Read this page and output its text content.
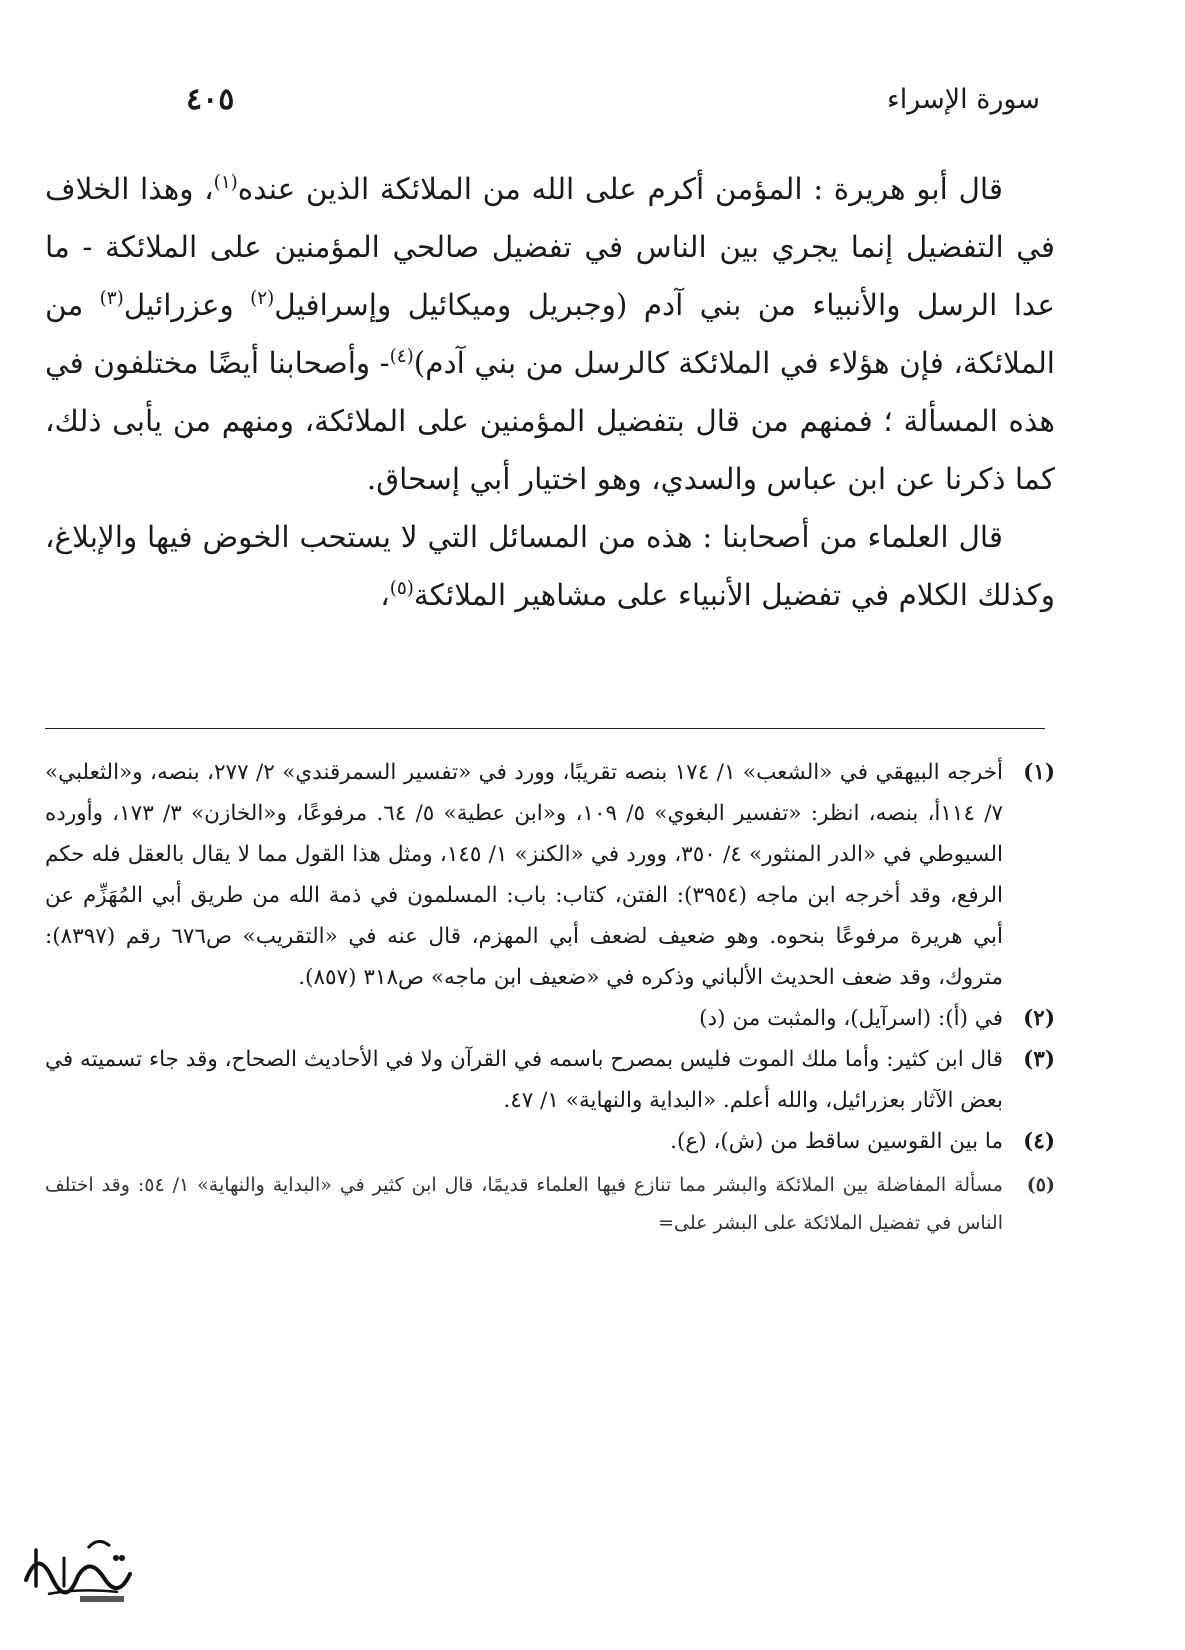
سورة الإسراء
٤٠٥

قال أبو هريرة : المؤمن أكرم على الله من الملائكة الذين عنده$^{(١)}$، وهذا الخلاف في التفضيل إنما يجري بين الناس في تفضيل صالحي المؤمنين على الملائكة - ما عدا الرسل والأنبياء من بني آدم (وجبريل وميكائيل وإسرافيل$^{(٢)}$ وعزرائيل$^{(٣)}$ من الملائكة، فإن هؤلاء في الملائكة كالرسل من بني آدم)$^{(٤)}$- وأصحابنا أيضًا مختلفون في هذه المسألة ؛ فمنهم من قال بتفضيل المؤمنين على الملائكة، ومنهم من يأبى ذلك، كما ذكرنا عن ابن عباس والسدي، وهو اختيار أبي إسحاق.

قال العلماء من أصحابنا : هذه من المسائل التي لا يستحب الخوض فيها والإبلاغ، وكذلك الكلام في تفضيل الأنبياء على مشاهير الملائكة$^{(٥)}$،

(١)
أخرجه البيهقي في «الشعب» ١/ ١٧٤ بنصه تقريبًا، وورد في «تفسير السمرقندي» ٢/ ٢٧٧، بنصه، و«الثعلبي» ٧/ ١١٤أ، بنصه، انظر: «تفسير البغوي» ٥/ ١٠٩، و«ابن عطية» ٥/ ٦٤. مرفوعًا، و«الخازن» ٣/ ١٧٣، وأورده السيوطي في «الدر المنثور» ٤/ ٣٥٠، وورد في «الكنز» ١/ ١٤٥، ومثل هذا القول مما لا يقال بالعقل فله حكم الرفع، وقد أخرجه ابن ماجه (٣٩٥٤): الفتن، كتاب: باب: المسلمون في ذمة الله من طريق أبي المُهَزِّم عن أبي هريرة مرفوعًا بنحوه. وهو ضعيف لضعف أبي المهزم، قال عنه في «التقريب» ص٦٧٦ رقم (٨٣٩٧): متروك، وقد ضعف الحديث الألباني وذكره في «ضعيف ابن ماجه» ص٣١٨ (٨٥٧).
(٢)
في (أ): (اسرآيل)، والمثبت من (د)
(٣)
قال ابن كثير: وأما ملك الموت فليس بمصرح باسمه في القرآن ولا في الأحاديث الصحاح، وقد جاء تسميته في بعض الآثار بعزرائيل، والله أعلم. «البداية والنهاية» ١/ ٤٧.
(٤)
ما بين القوسين ساقط من (ش)، (ع).
(٥)
مسألة المفاضلة بين الملائكة والبشر مما تنازع فيها العلماء قديمًا، قال ابن كثير في «البداية والنهاية» ١/ ٥٤: وقد اختلف الناس في تفضيل الملائكة على البشر على=
